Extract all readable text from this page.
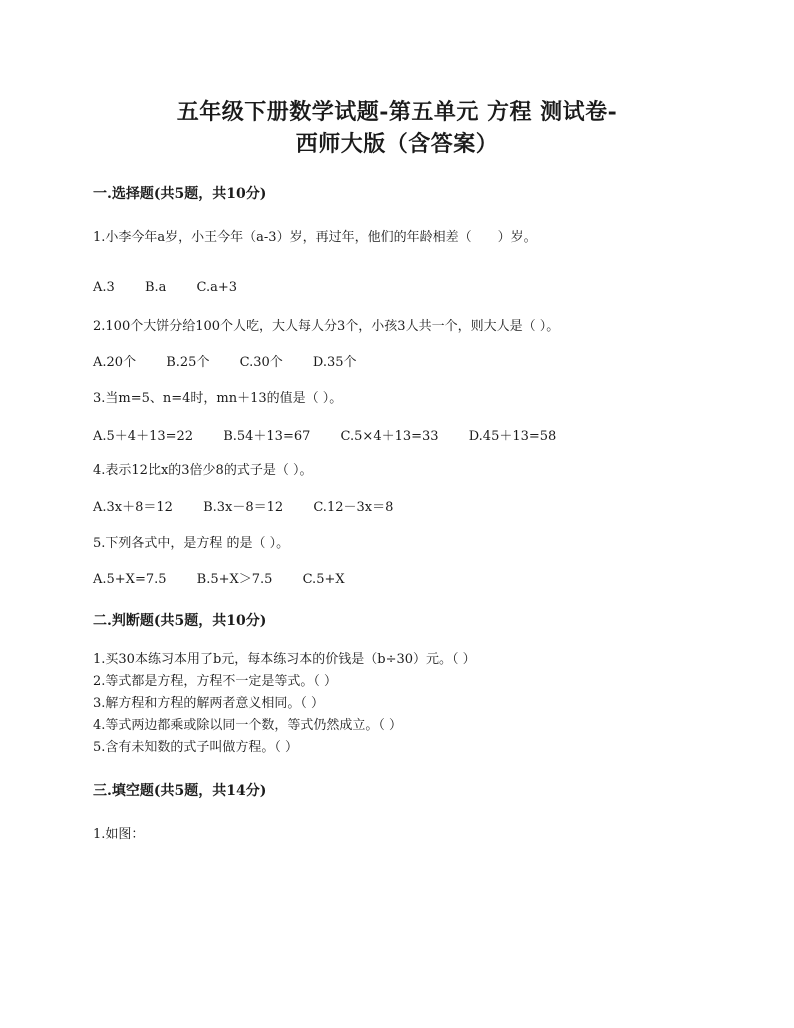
五年级下册数学试题-第五单元 方程 测试卷-
西师大版（含答案）
一.选择题(共5题，共10分)
1.小李今年a岁，小王今年（a-3）岁，再过年，他们的年龄相差（　　）岁。
A.3 B.a C.a+3
2.100个大饼分给100个人吃，大人每人分3个，小孩3人共一个，则大人是（ ）。
A.20个 B.25个 C.30个 D.35个
3.当m=5、n=4时，mn＋13的值是（ ）。
A.5＋4＋13=22 B.54＋13=67 C.5×4＋13=33 D.45＋13=58
4.表示12比x的3倍少8的式子是（ ）。
A.3x＋8＝12 B.3x－8＝12 C.12－3x＝8
5.下列各式中，是方程 的是（ ）。
A.5+X=7.5 B.5+X＞7.5 C.5+X
二.判断题(共5题，共10分)
1.买30本练习本用了b元，每本练习本的价钱是（b÷30）元。（ ）
2.等式都是方程，方程不一定是等式。（ ）
3.解方程和方程的解两者意义相同。（ ）
4.等式两边都乘或除以同一个数，等式仍然成立。（ ）
5.含有未知数的式子叫做方程。（ ）
三.填空题(共5题，共14分)
1.如图：
